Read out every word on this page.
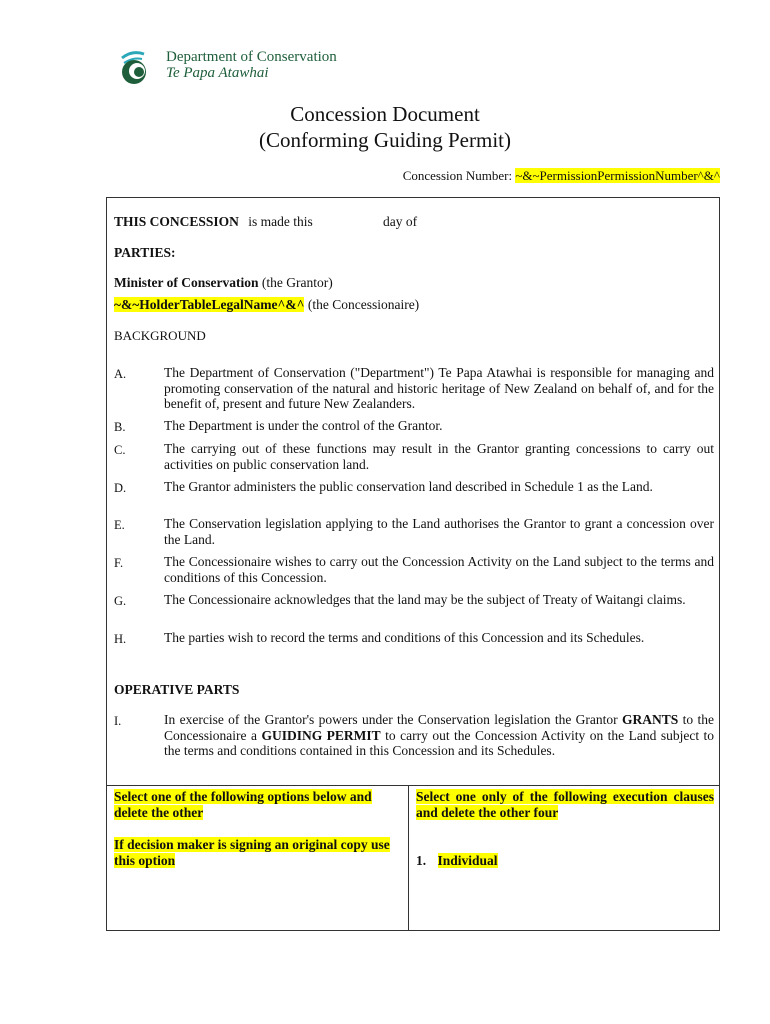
Department of Conservation
Te Papa Atawhai
Concession Document
(Conforming Guiding Permit)
Concession Number: ~&~PermissionPermissionNumber^&^
THIS CONCESSION is made this	day of
PARTIES:
Minister of Conservation (the Grantor)
~&~HolderTableLegalName^&^ (the Concessionaire)
BACKGROUND
A.	The Department of Conservation ("Department") Te Papa Atawhai is responsible for managing and promoting conservation of the natural and historic heritage of New Zealand on behalf of, and for the benefit of, present and future New Zealanders.
B.	The Department is under the control of the Grantor.
C.	The carrying out of these functions may result in the Grantor granting concessions to carry out activities on public conservation land.
D.	The Grantor administers the public conservation land described in Schedule 1 as the Land.
E.	The Conservation legislation applying to the Land authorises the Grantor to grant a concession over the Land.
F.	The Concessionaire wishes to carry out the Concession Activity on the Land subject to the terms and conditions of this Concession.
G.	The Concessionaire acknowledges that the land may be the subject of Treaty of Waitangi claims.
H.	The parties wish to record the terms and conditions of this Concession and its Schedules.
OPERATIVE PARTS
I.	In exercise of the Grantor's powers under the Conservation legislation the Grantor GRANTS to the Concessionaire a GUIDING PERMIT to carry out the Concession Activity on the Land subject to the terms and conditions contained in this Concession and its Schedules.
Select one of the following options below and delete the other
If decision maker is signing an original copy use this option
Select one only of the following execution clauses and delete the other four
1. Individual
